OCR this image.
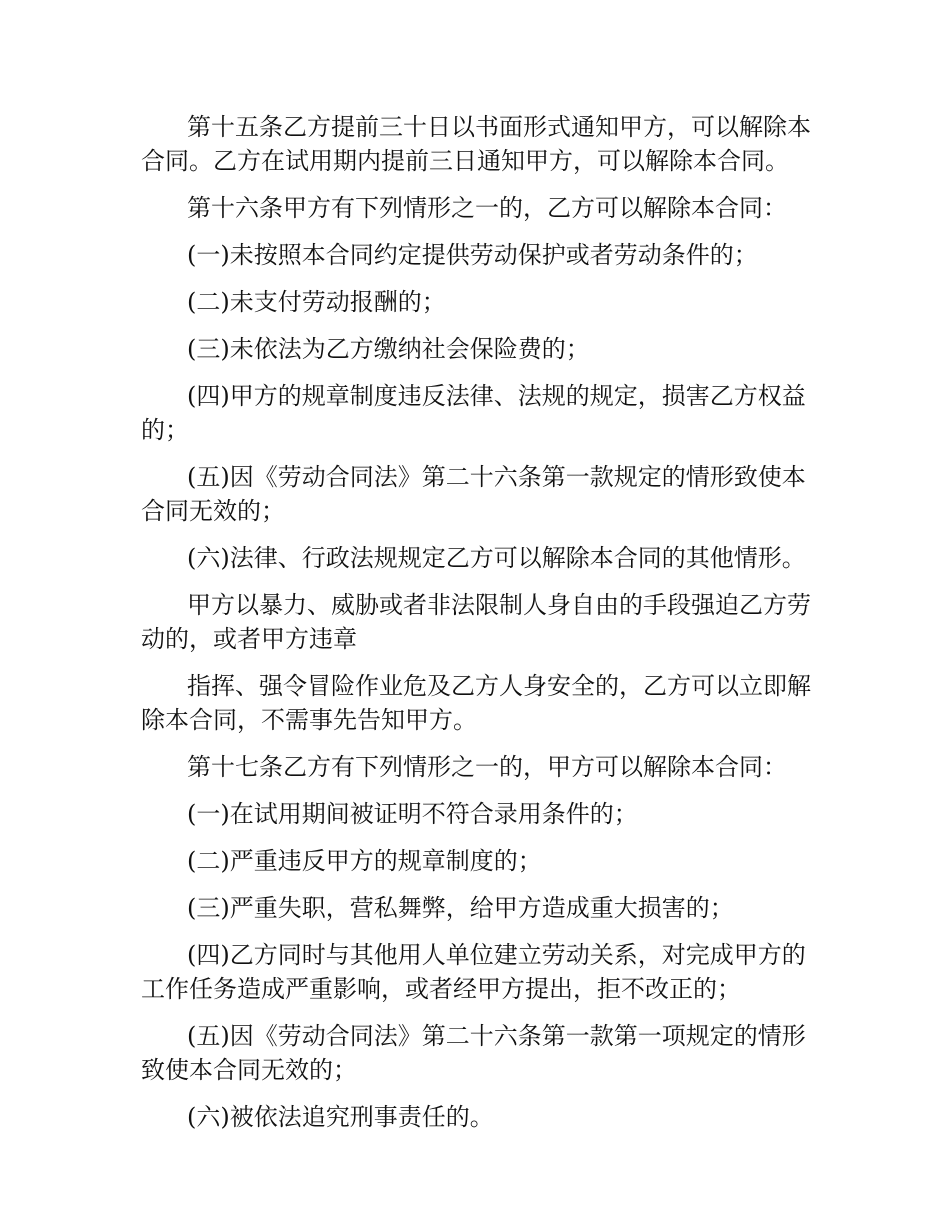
第十五条乙方提前三十日以书面形式通知甲方，可以解除本合同。乙方在试用期内提前三日通知甲方，可以解除本合同。

第十六条甲方有下列情形之一的，乙方可以解除本合同：

(一)未按照本合同约定提供劳动保护或者劳动条件的；

(二)未支付劳动报酬的；

(三)未依法为乙方缴纳社会保险费的；

(四)甲方的规章制度违反法律、法规的规定，损害乙方权益的；

(五)因《劳动合同法》第二十六条第一款规定的情形致使本合同无效的；

(六)法律、行政法规规定乙方可以解除本合同的其他情形。

甲方以暴力、威胁或者非法限制人身自由的手段强迫乙方劳动的，或者甲方违章

指挥、强令冒险作业危及乙方人身安全的，乙方可以立即解除本合同，不需事先告知甲方。

第十七条乙方有下列情形之一的，甲方可以解除本合同：

(一)在试用期间被证明不符合录用条件的；

(二)严重违反甲方的规章制度的；

(三)严重失职，营私舞弊，给甲方造成重大损害的；

(四)乙方同时与其他用人单位建立劳动关系，对完成甲方的工作任务造成严重影响，或者经甲方提出，拒不改正的；

(五)因《劳动合同法》第二十六条第一款第一项规定的情形致使本合同无效的；

(六)被依法追究刑事责任的。
